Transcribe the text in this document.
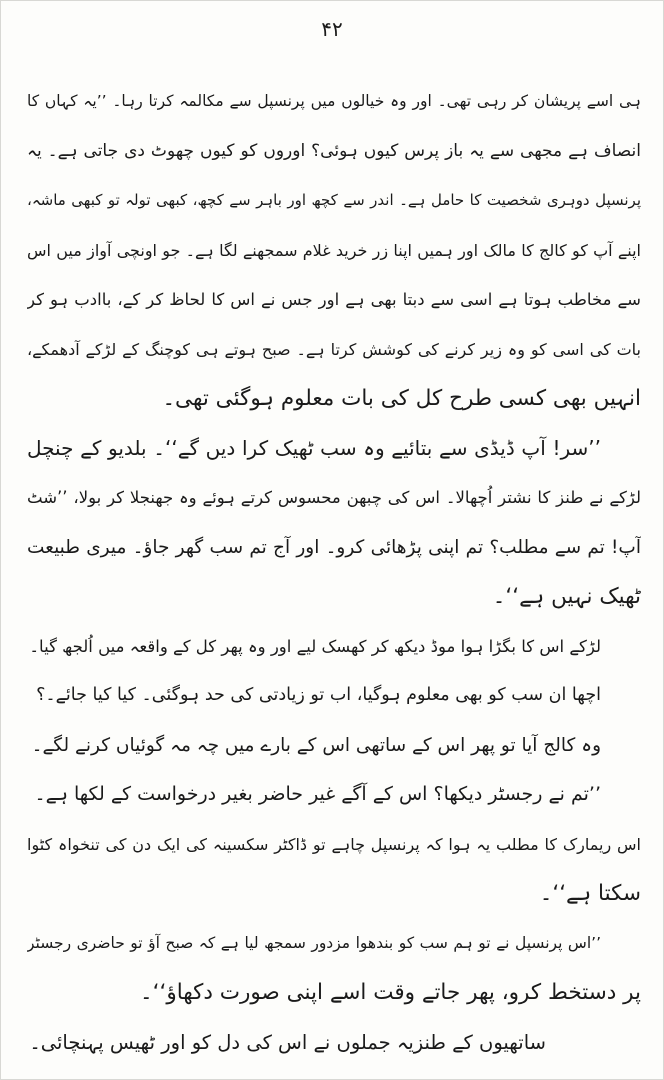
۴۲
ہی اسے پریشان کر رہی تھی۔ اور وہ خیالوں میں پرنسپل سے مکالمہ کرتا رہا۔ ’’یہ کہاں کا
انصاف ہے مجھی سے یہ باز پرس کیوں ہوئی؟ اوروں کو کیوں چھوٹ دی جاتی ہے۔ یہ
پرنسپل دوہری شخصیت کا حامل ہے۔ اندر سے کچھ اور باہر سے کچھ، کبھی تولہ تو کبھی ماشہ،
اپنے آپ کو کالج کا مالک اور ہمیں اپنا زر خرید غلام سمجھنے لگا ہے۔ جو اونچی آواز میں اس
سے مخاطب ہوتا ہے اسی سے دبتا بھی ہے اور جس نے اس کا لحاظ کر کے، باادب ہو کر
بات کی اسی کو وہ زیر کرنے کی کوشش کرتا ہے۔ صبح ہوتے ہی کوچنگ کے لڑکے آدھمکے،
انہیں بھی کسی طرح کل کی بات معلوم ہوگئی تھی۔
’’سر! آپ ڈیڈی سے بتائیے وہ سب ٹھیک کرا دیں گے‘‘۔ بلدیو کے چنچل
لڑکے نے طنز کا نشتر اُچھالا۔ اس کی چبھن محسوس کرتے ہوئے وہ جھنجلا کر بولا، ’’شٹ
آپ! تم سے مطلب؟ تم اپنی پڑھائی کرو۔ اور آج تم سب گھر جاؤ۔ میری طبیعت
ٹھیک نہیں ہے‘‘۔
لڑکے اس کا بگڑا ہوا موڈ دیکھ کر کھسک لیے اور وہ پھر کل کے واقعہ میں اُلجھ گیا۔
اچھا ان سب کو بھی معلوم ہوگیا، اب تو زیادتی کی حد ہوگئی۔ کیا کیا جائے۔؟
وہ کالج آیا تو پھر اس کے ساتھی اس کے بارے میں چہ مہ گوئیاں کرنے لگے۔
’’تم نے رجسٹر دیکھا؟ اس کے آگے غیر حاضر بغیر درخواست کے لکھا ہے۔
اس ریمارک کا مطلب یہ ہوا کہ پرنسپل چاہے تو ڈاکٹر سکسینہ کی ایک دن کی تنخواہ کٹوا
سکتا ہے‘‘۔
’’اس پرنسپل نے تو ہم سب کو بندھوا مزدور سمجھ لیا ہے کہ صبح آؤ تو حاضری رجسٹر
پر دستخط کرو، پھر جاتے وقت اسے اپنی صورت دکھاؤ‘‘۔
ساتھیوں کے طنزیہ جملوں نے اس کی دل کو اور ٹھیس پہنچائی۔
